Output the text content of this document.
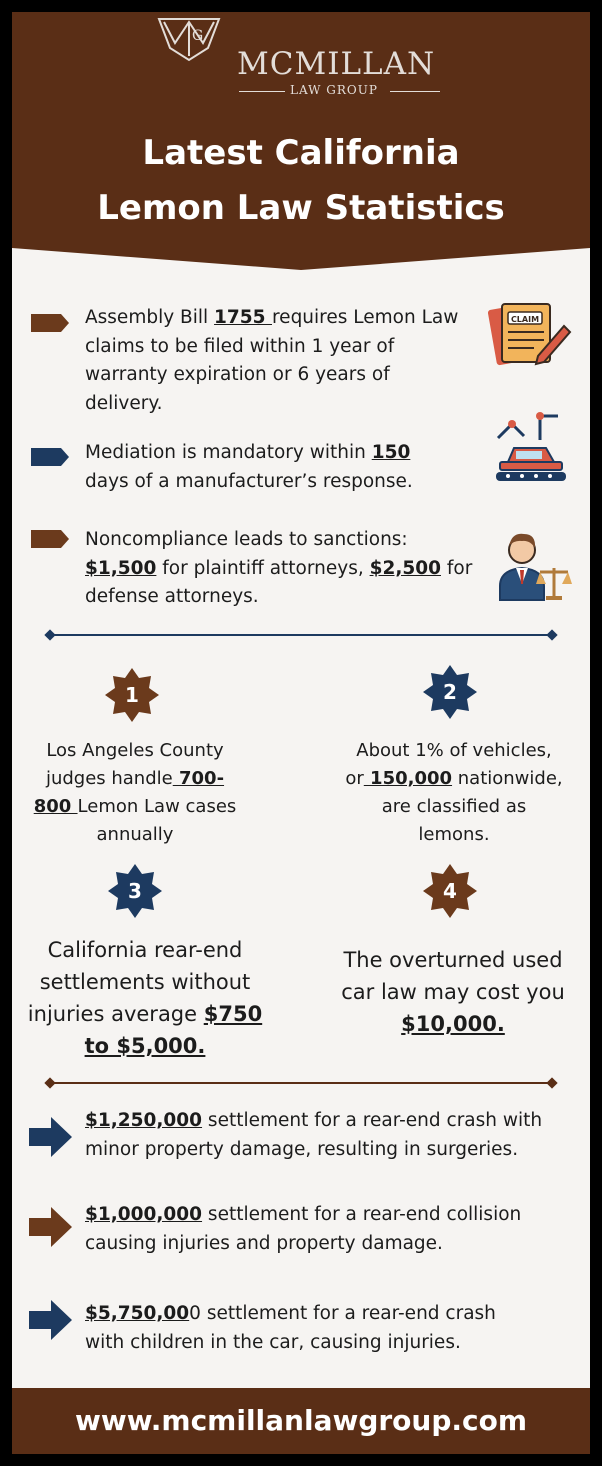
G
MCMILLAN
LAW GROUP
Latest California
Lemon Law Statistics
Assembly Bill 1755 requires Lemon Law
claims to be filed within 1 year of
warranty expiration or 6 years of
delivery.
CLAIM
Mediation is mandatory within 150
days of a manufacturer’s response.
Noncompliance leads to sanctions:
$1,500 for plaintiff attorneys, $2,500 for
defense attorneys.
1
Los Angeles County
judges handle 700-
800 Lemon Law cases
annually
2
About 1% of vehicles,
or 150,000 nationwide,
are classified as
lemons.
3
California rear-end
settlements without
injuries average $750
to $5,000.
4
The overturned used
car law may cost you
$10,000.
$1,250,000 settlement for a rear-end crash with
minor property damage, resulting in surgeries.
$1,000,000 settlement for a rear-end collision
causing injuries and property damage.
$5,750,000 settlement for a rear-end crash
with children in the car, causing injuries.
www.mcmillanlawgroup.com
